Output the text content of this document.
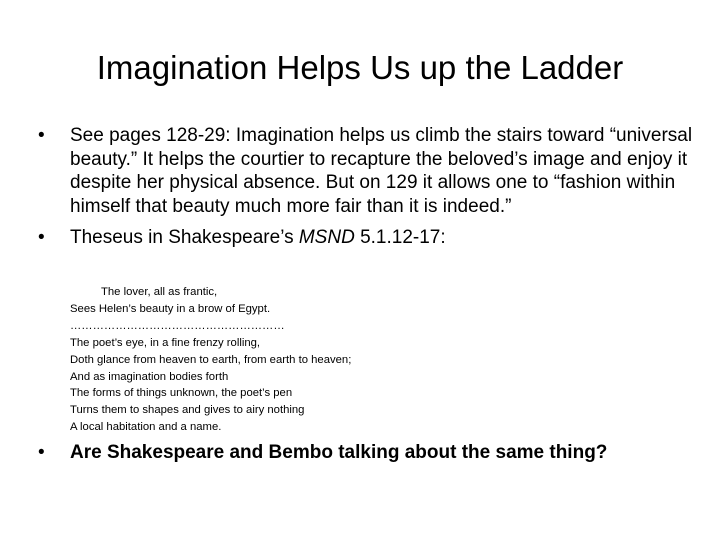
Imagination Helps Us up the Ladder
•	See pages 128-29: Imagination helps us climb the stairs toward “universal beauty.” It helps the courtier to recapture the beloved’s image and enjoy it despite her physical absence. But on 129 it allows one to “fashion within himself that beauty much more fair than it is indeed.”
•	Theseus in Shakespeare’s MSND 5.1.12-17:
The lover, all as frantic,
Sees Helen’s beauty in a brow of Egypt.
…………………………………………………
The poet’s eye, in a fine frenzy rolling,
Doth glance from heaven to earth, from earth to heaven;
And as imagination bodies forth
The forms of things unknown, the poet’s pen
Turns them to shapes and gives to airy nothing
A local habitation and a name.
•	Are Shakespeare and Bembo talking about the same thing?
